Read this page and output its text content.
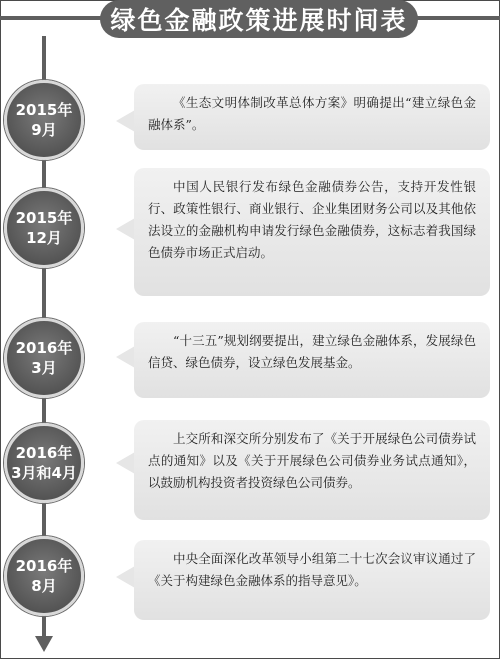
绿色金融政策进展时间表
2015年
9月
《生态文明体制改革总体方案》明确提出“建立绿色金融体系”。
2015年
12月
中国人民银行发布绿色金融债券公告，支持开发性银行、政策性银行、商业银行、企业集团财务公司以及其他依法设立的金融机构申请发行绿色金融债券，这标志着我国绿色债券市场正式启动。
2016年
3月
“十三五”规划纲要提出，建立绿色金融体系，发展绿色信贷、绿色债券，设立绿色发展基金。
2016年
3月和4月
上交所和深交所分别发布了《关于开展绿色公司债券试点的通知》以及《关于开展绿色公司债券业务试点通知》，以鼓励机构投资者投资绿色公司债券。
2016年
8月
中央全面深化改革领导小组第二十七次会议审议通过了《关于构建绿色金融体系的指导意见》。
